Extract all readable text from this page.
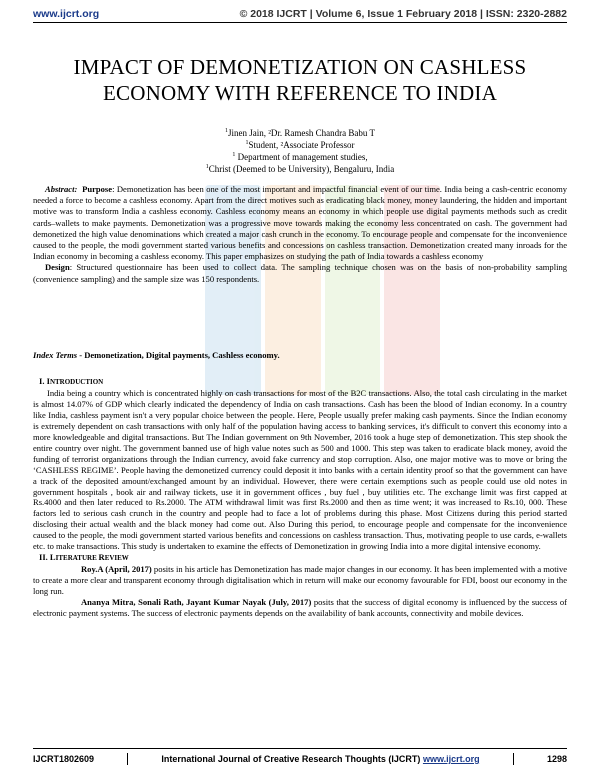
www.ijcrt.org	© 2018 IJCRT | Volume 6, Issue 1 February 2018 | ISSN: 2320-2882
IMPACT OF DEMONETIZATION ON CASHLESS
ECONOMY WITH REFERENCE TO INDIA
$^1$Jinen Jain, ²Dr. Ramesh Chandra Babu T
$^1$Student, ²Associate Professor
$^1$ Department of management studies,
$^1$Christ (Deemed to be University), Bengaluru, India

Abstract: Purpose: Demonetization has been one of the most important and impactful financial event of our time. India being a cash-centric economy needed a force to become a cashless economy. Apart from the direct motives such as eradicating black money, money laundering, the hidden and important motive was to transform India a cashless economy. Cashless economy means an economy in which people use digital payments methods such as credit cards–wallets to make payments. Demonetization was a progressive move towards making the economy less concentrated on cash. The government had demonetized the high value denominations which created a major cash crunch in the economy. To encourage people and compensate for the inconvenience caused to the people, the modi government started various benefits and concessions on cashless transaction. Demonetization created many inroads for the Indian economy in becoming a cashless economy. This paper emphasizes on studying the path of India towards a cashless economy

Design: Structured questionnaire has been used to collect data. The sampling technique chosen was on the basis of non-probability sampling (convenience sampling) and the sample size was 150 respondents.

Index Terms - Demonetization, Digital payments, Cashless economy.
I. INTRODUCTION

India being a country which is concentrated highly on cash transactions for most of the B2C transactions. Also, the total cash circulating in the market is almost 14.07% of GDP which clearly indicated the dependency of India on cash transactions. Cash has been the blood of Indian economy. In a country like India, cashless payment isn't a very popular choice between the people. Here, People usually prefer making cash payments. Since the Indian economy is extremely dependent on cash transactions with only half of the population having access to banking services, it's difficult to convert this economy into a more knowledgeable and digital transactions. But The Indian government on 9th November, 2016 took a huge step of demonetization. This step shook the entire country over night. The government banned use of high value notes such as 500 and 1000. This step was taken to eradicate black money, avoid the funding of terrorist organizations through the Indian currency, avoid fake currency and stop corruption. Also, one major motive was to move or bring the ‘CASHLESS REGIME’. People having the demonetized currency could deposit it into banks with a certain identity proof so that the government can have a track of the deposited amount/exchanged amount by an individual. However, there were certain exemptions such as people could use old notes in government hospitals , book air and railway tickets, use it in government offices , buy fuel , buy utilities etc. The exchange limit was first capped at Rs.4000 and then later reduced to Rs.2000. The ATM withdrawal limit was first Rs.2000 and then as time went; it was increased to Rs.10, 000. These factors led to serious cash crunch in the country and people had to face a lot of problems during this phase. Most Citizens during this period started disclosing their actual wealth and the black money had come out. Also During this period, to encourage people and compensate for the inconvenience caused to the people, the modi government started various benefits and concessions on cashless transaction. Thus, motivating people to use cards, e-wallets etc. to make transactions. This study is undertaken to examine the effects of Demonetization in growing India into a more digital intensive economy.

II. LITERATURE REVIEW

Roy.A (April, 2017) posits in his article has Demonetization has made major changes in our economy. It has been implemented with a motive to create a more clear and transparent economy through digitalisation which in return will make our economy favourable for FDI, boost our economy in the long run.

Ananya Mitra, Sonali Rath, Jayant Kumar Nayak (July, 2017) posits that the success of digital economy is influenced by the success of electronic payment systems. The success of electronic payments depends on the availability of bank accounts, connectivity and mobile devices.

IJCRT1802609	International Journal of Creative Research Thoughts (IJCRT) www.ijcrt.org	1298
